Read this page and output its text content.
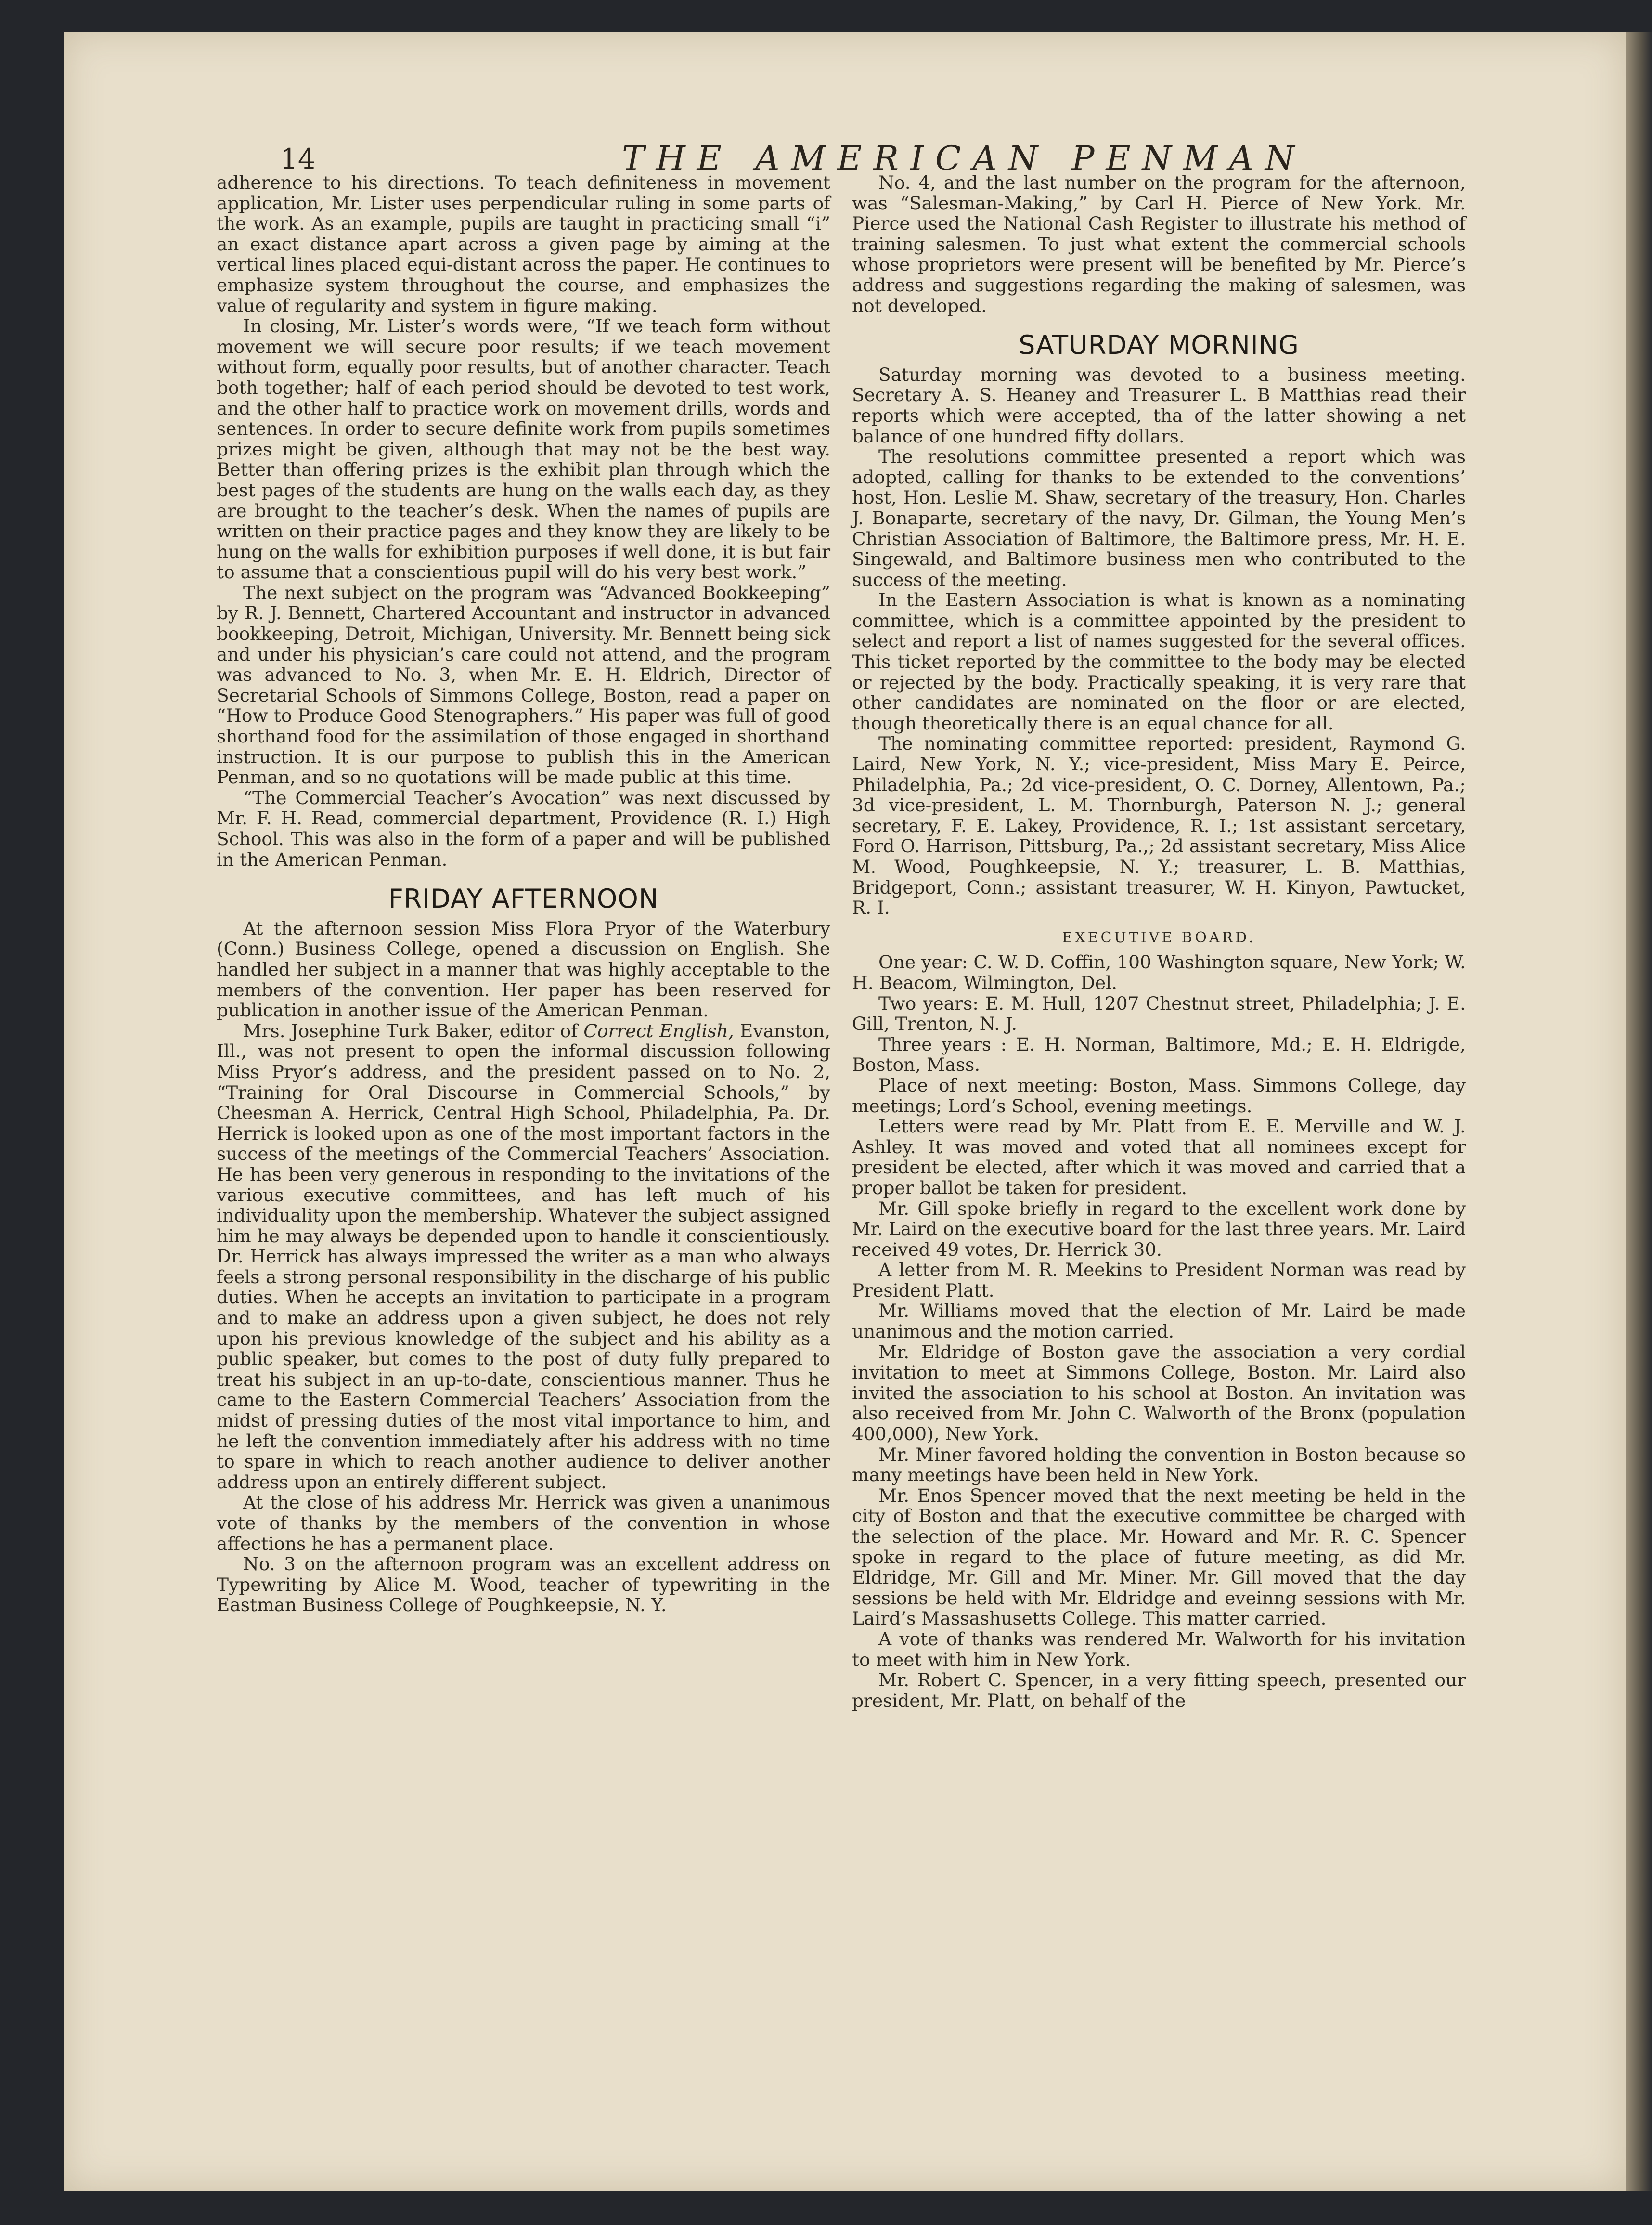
14	THE AMERICAN PENMAN

adherence to his directions. To teach definiteness in movement application, Mr. Lister uses perpendicular ruling in some parts of the work. As an example, pupils are taught in practicing small “i” an exact distance apart across a given page by aiming at the vertical lines placed equi-distant across the paper. He continues to emphasize system throughout the course, and emphasizes the value of regularity and system in figure making.

In closing, Mr. Lister’s words were, “If we teach form without movement we will secure poor results; if we teach movement without form, equally poor results, but of another character. Teach both together; half of each period should be devoted to test work, and the other half to practice work on movement drills, words and sentences. In order to secure definite work from pupils sometimes prizes might be given, although that may not be the best way. Better than offering prizes is the exhibit plan through which the best pages of the students are hung on the walls each day, as they are brought to the teacher’s desk. When the names of pupils are written on their practice pages and they know they are likely to be hung on the walls for exhibition purposes if well done, it is but fair to assume that a conscientious pupil will do his very best work.”

The next subject on the program was “Advanced Bookkeeping” by R. J. Bennett, Chartered Accountant and instructor in advanced bookkeeping, Detroit, Michigan, University. Mr. Bennett being sick and under his physician’s care could not attend, and the program was advanced to No. 3, when Mr. E. H. Eldrich, Director of Secretarial Schools of Simmons College, Boston, read a paper on “How to Produce Good Stenographers.” His paper was full of good shorthand food for the assimilation of those engaged in shorthand instruction. It is our purpose to publish this in the American Penman, and so no quotations will be made public at this time.

“The Commercial Teacher’s Avocation” was next discussed by Mr. F. H. Read, commercial department, Providence (R. I.) High School. This was also in the form of a paper and will be published in the American Penman.

FRIDAY AFTERNOON

At the afternoon session Miss Flora Pryor of the Waterbury (Conn.) Business College, opened a discussion on English. She handled her subject in a manner that was highly acceptable to the members of the convention. Her paper has been reserved for publication in another issue of the American Penman.

Mrs. Josephine Turk Baker, editor of Correct English, Evanston, Ill., was not present to open the informal discussion following Miss Pryor’s address, and the president passed on to No. 2, “Training for Oral Discourse in Commercial Schools,” by Cheesman A. Herrick, Central High School, Philadelphia, Pa. Dr. Herrick is looked upon as one of the most important factors in the success of the meetings of the Commercial Teachers’ Association. He has been very generous in responding to the invitations of the various executive committees, and has left much of his individuality upon the membership. Whatever the subject assigned him he may always be depended upon to handle it conscientiously. Dr. Herrick has always impressed the writer as a man who always feels a strong personal responsibility in the discharge of his public duties. When he accepts an invitation to participate in a program and to make an address upon a given subject, he does not rely upon his previous knowledge of the subject and his ability as a public speaker, but comes to the post of duty fully prepared to treat his subject in an up-to-date, conscientious manner. Thus he came to the Eastern Commercial Teachers’ Association from the midst of pressing duties of the most vital importance to him, and he left the convention immediately after his address with no time to spare in which to reach another audience to deliver another address upon an entirely different subject.

At the close of his address Mr. Herrick was given a unanimous vote of thanks by the members of the convention in whose affections he has a permanent place.

No. 3 on the afternoon program was an excellent address on Typewriting by Alice M. Wood, teacher of typewriting in the Eastman Business College of Poughkeepsie, N. Y.

No. 4, and the last number on the program for the afternoon, was “Salesman-Making,” by Carl H. Pierce of New York. Mr. Pierce used the National Cash Register to illustrate his method of training salesmen. To just what extent the commercial schools whose proprietors were present will be benefited by Mr. Pierce’s address and suggestions regarding the making of salesmen, was not developed.

SATURDAY MORNING

Saturday morning was devoted to a business meeting. Secretary A. S. Heaney and Treasurer L. B Matthias read their reports which were accepted, tha of the latter showing a net balance of one hundred fifty dollars.

The resolutions committee presented a report which was adopted, calling for thanks to be extended to the conventions’ host, Hon. Leslie M. Shaw, secretary of the treasury, Hon. Charles J. Bonaparte, secretary of the navy, Dr. Gilman, the Young Men’s Christian Association of Baltimore, the Baltimore press, Mr. H. E. Singewald, and Baltimore business men who contributed to the success of the meeting.

In the Eastern Association is what is known as a nominating committee, which is a committee appointed by the president to select and report a list of names suggested for the several offices. This ticket reported by the committee to the body may be elected or rejected by the body. Practically speaking, it is very rare that other candidates are nominated on the floor or are elected, though theoretically there is an equal chance for all.

The nominating committee reported: president, Raymond G. Laird, New York, N. Y.; vice-president, Miss Mary E. Peirce, Philadelphia, Pa.; 2d vice-president, O. C. Dorney, Allentown, Pa.; 3d vice-president, L. M. Thornburgh, Paterson N. J.; general secretary, F. E. Lakey, Providence, R. I.; 1st assistant sercetary, Ford O. Harrison, Pittsburg, Pa.,; 2d assistant secretary, Miss Alice M. Wood, Poughkeepsie, N. Y.; treasurer, L. B. Matthias, Bridgeport, Conn.; assistant treasurer, W. H. Kinyon, Pawtucket, R. I.

EXECUTIVE BOARD.

One year: C. W. D. Coffin, 100 Washington square, New York; W. H. Beacom, Wilmington, Del.

Two years: E. M. Hull, 1207 Chestnut street, Philadelphia; J. E. Gill, Trenton, N. J.

Three years : E. H. Norman, Baltimore, Md.; E. H. Eldrigde, Boston, Mass.

Place of next meeting: Boston, Mass. Simmons College, day meetings; Lord’s School, evening meetings.

Letters were read by Mr. Platt from E. E. Merville and W. J. Ashley. It was moved and voted that all nominees except for president be elected, after which it was moved and carried that a proper ballot be taken for president.

Mr. Gill spoke briefly in regard to the excellent work done by Mr. Laird on the executive board for the last three years. Mr. Laird received 49 votes, Dr. Herrick 30.

A letter from M. R. Meekins to President Norman was read by President Platt.

Mr. Williams moved that the election of Mr. Laird be made unanimous and the motion carried.

Mr. Eldridge of Boston gave the association a very cordial invitation to meet at Simmons College, Boston. Mr. Laird also invited the association to his school at Boston. An invitation was also received from Mr. John C. Walworth of the Bronx (population 400,000), New York.

Mr. Miner favored holding the convention in Boston because so many meetings have been held in New York.

Mr. Enos Spencer moved that the next meeting be held in the city of Boston and that the executive committee be charged with the selection of the place. Mr. Howard and Mr. R. C. Spencer spoke in regard to the place of future meeting, as did Mr. Eldridge, Mr. Gill and Mr. Miner. Mr. Gill moved that the day sessions be held with Mr. Eldridge and eveinng sessions with Mr. Laird’s Massashusetts College. This matter carried.

A vote of thanks was rendered Mr. Walworth for his invitation to meet with him in New York.

Mr. Robert C. Spencer, in a very fitting speech, presented our president, Mr. Platt, on behalf of the
